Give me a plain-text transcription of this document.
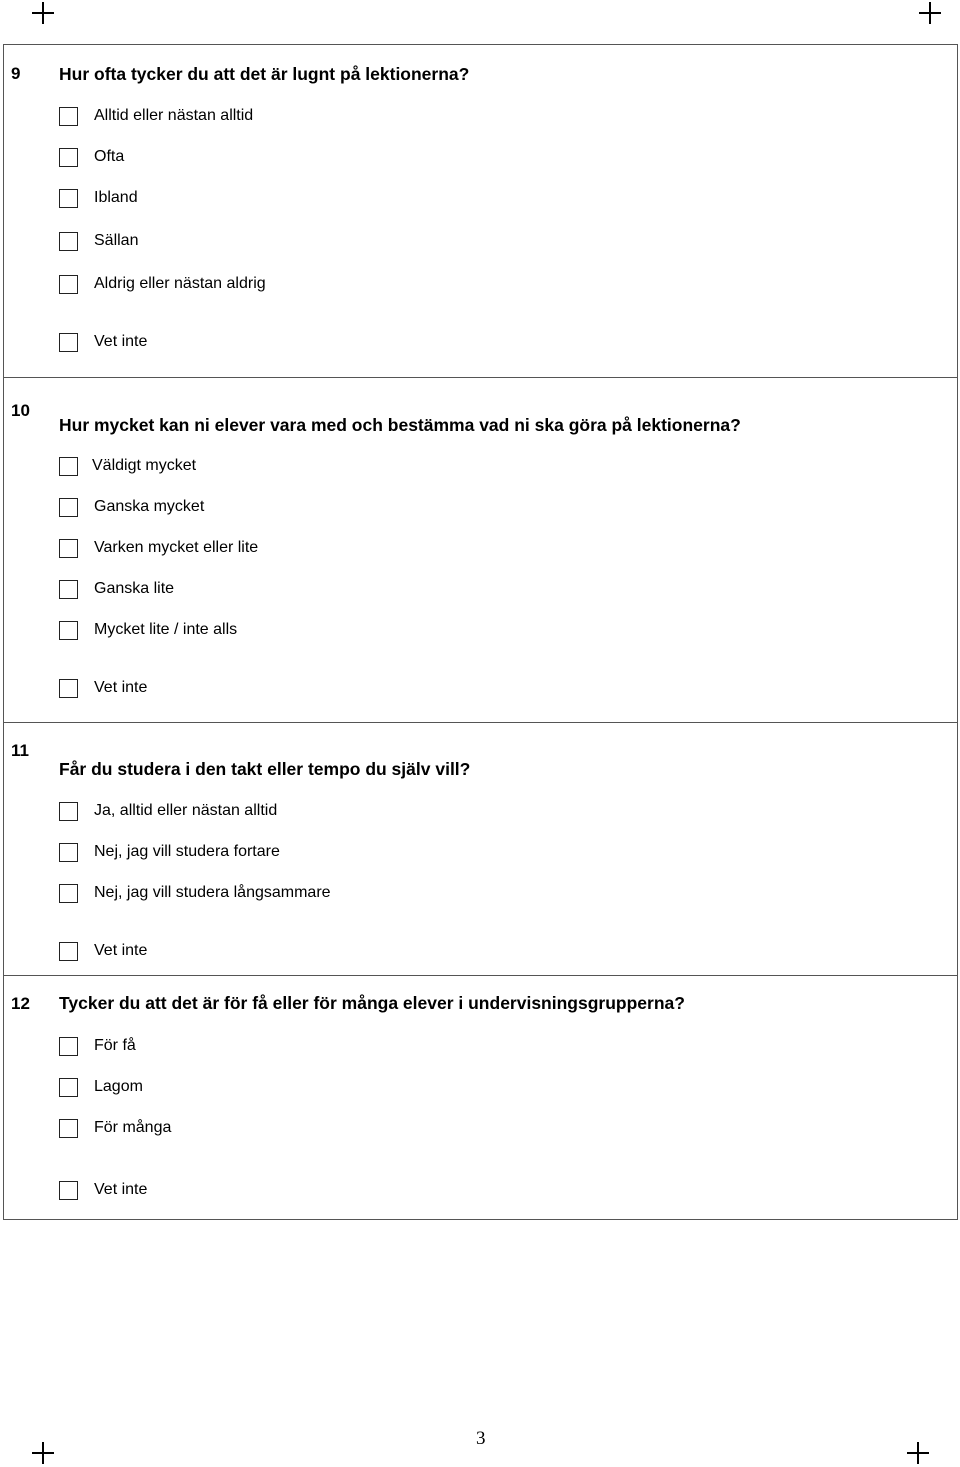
9 Hur ofta tycker du att det är lugnt på lektionerna?
Alltid eller nästan alltid
Ofta
Ibland
Sällan
Aldrig eller nästan aldrig
Vet inte
10
Hur mycket kan ni elever vara med och bestämma vad ni ska göra på lektionerna?
Väldigt mycket
Ganska mycket
Varken mycket eller lite
Ganska lite
Mycket lite / inte alls
Vet inte
11
Får du studera i den takt eller tempo du själv vill?
Ja, alltid eller nästan alltid
Nej, jag vill studera fortare
Nej, jag vill studera långsammare
Vet inte
12 Tycker du att det är för få eller för många elever i undervisningsgrupperna?
För få
Lagom
För många
Vet inte
3
